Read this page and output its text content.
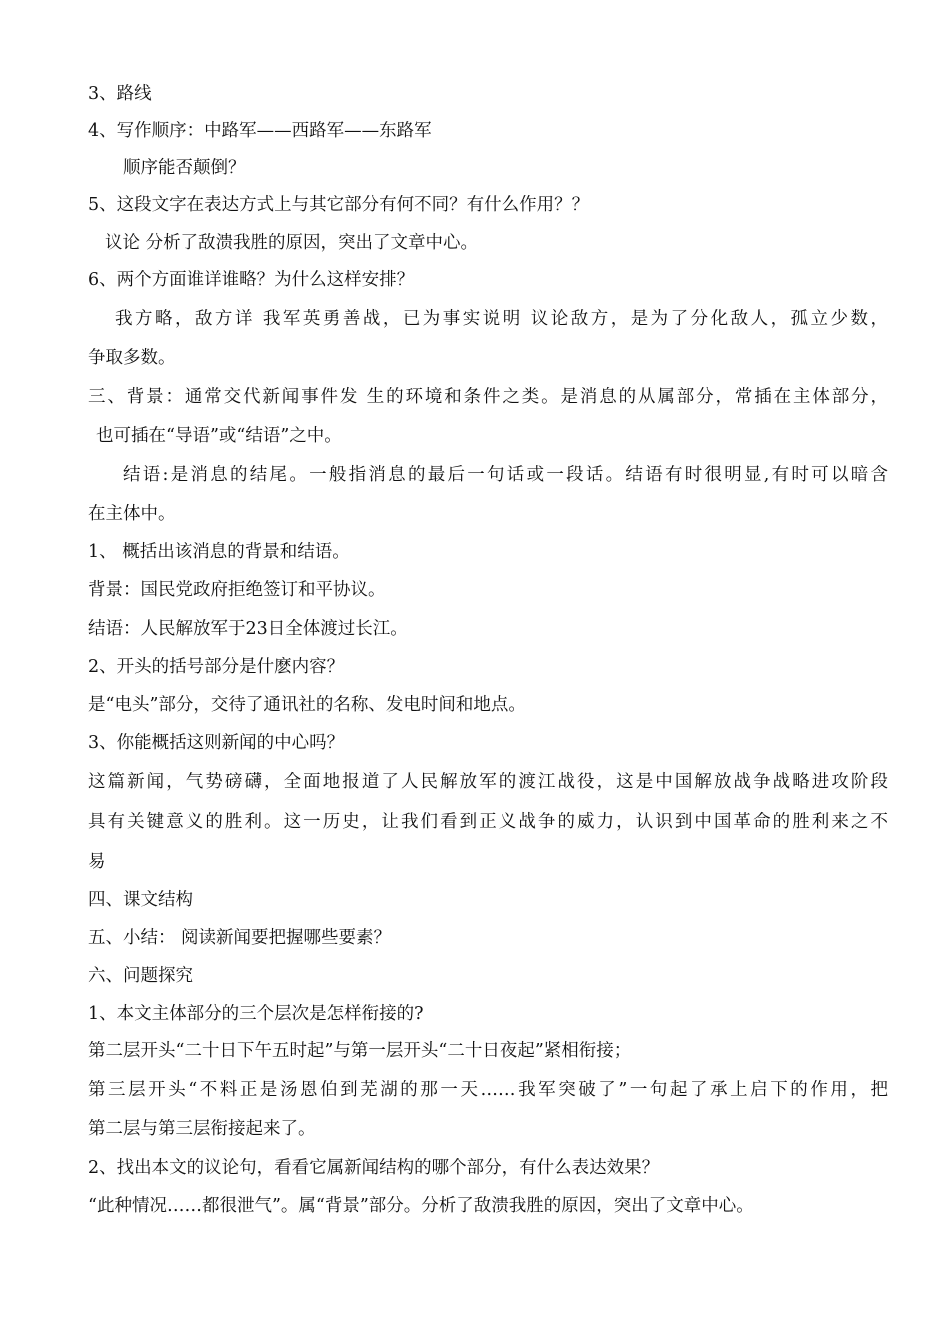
3、路线
4、写作顺序：中路军——西路军——东路军
顺序能否颠倒？
5、这段文字在表达方式上与其它部分有何不同？有什么作用？？
议论 分析了敌溃我胜的原因，突出了文章中心。
6、两个方面谁详谁略？为什么这样安排？
我方略，敌方详 我军英勇善战，已为事实说明 议论敌方，是为了分化敌人，孤立少数，
争取多数。
三、背景：通常交代新闻事件发 生的环境和条件之类。是消息的从属部分，常插在主体部分，
也可插在“导语”或“结语”之中。
结语:是消息的结尾。一般指消息的最后一句话或一段话。结语有时很明显,有时可以暗含
在主体中。
1、 概括出该消息的背景和结语。
背景：国民党政府拒绝签订和平协议。
结语：人民解放军于23日全体渡过长江。
2、开头的括号部分是什麽内容？
是“电头”部分，交待了通讯社的名称、发电时间和地点。
3、你能概括这则新闻的中心吗？
这篇新闻，气势磅礴，全面地报道了人民解放军的渡江战役，这是中国解放战争战略进攻阶段
具有关键意义的胜利。这一历史，让我们看到正义战争的威力，认识到中国革命的胜利来之不
易
四、课文结构
五、小结： 阅读新闻要把握哪些要素？
六、问题探究
1、本文主体部分的三个层次是怎样衔接的?
第二层开头“二十日下午五时起”与第一层开头“二十日夜起”紧相衔接；
第三层开头“不料正是汤恩伯到芜湖的那一天……我军突破了”一句起了承上启下的作用，把
第二层与第三层衔接起来了。
2、找出本文的议论句，看看它属新闻结构的哪个部分，有什么表达效果？
“此种情况……都很泄气”。属“背景”部分。分析了敌溃我胜的原因，突出了文章中心。
